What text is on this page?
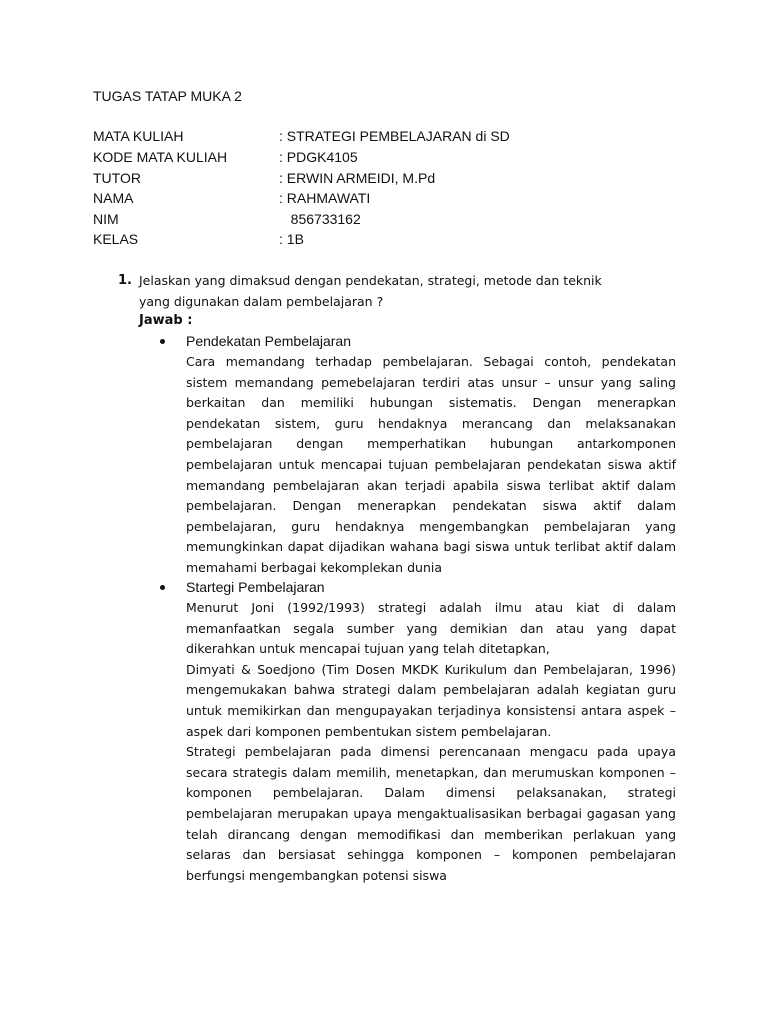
TUGAS TATAP MUKA 2
MATA KULIAH	: STRATEGI PEMBELAJARAN di SD
KODE MATA KULIAH	: PDGK4105
TUTOR	: ERWIN ARMEIDI, M.Pd
NAMA	: RAHMAWATI
NIM	856733162
KELAS	: 1B
1. Jelaskan yang dimaksud dengan pendekatan, strategi, metode dan teknik yang digunakan dalam pembelajaran ?
Jawab :
Pendekatan Pembelajaran

Cara memandang terhadap pembelajaran. Sebagai contoh, pendekatan sistem memandang pemebelajaran terdiri atas unsur – unsur yang saling berkaitan dan memiliki hubungan sistematis. Dengan menerapkan pendekatan sistem, guru hendaknya merancang dan melaksanakan pembelajaran dengan memperhatikan hubungan antarkomponen pembelajaran untuk mencapai tujuan pembelajaran pendekatan siswa aktif memandang pembelajaran akan terjadi apabila siswa terlibat aktif dalam pembelajaran. Dengan menerapkan pendekatan siswa aktif dalam pembelajaran, guru hendaknya mengembangkan pembelajaran yang memungkinkan dapat dijadikan wahana bagi siswa untuk terlibat aktif dalam memahami berbagai kekomplekan dunia

Startegi Pembelajaran

Menurut Joni (1992/1993) strategi adalah ilmu atau kiat di dalam memanfaatkan segala sumber yang demikian dan atau yang dapat dikerahkan untuk mencapai tujuan yang telah ditetapkan,

Dimyati & Soedjono (Tim Dosen MKDK Kurikulum dan Pembelajaran, 1996) mengemukakan bahwa strategi dalam pembelajaran adalah kegiatan guru untuk memikirkan dan mengupayakan terjadinya konsistensi antara aspek – aspek dari komponen pembentukan sistem pembelajaran.

Strategi pembelajaran pada dimensi perencanaan mengacu pada upaya secara strategis dalam memilih, menetapkan, dan merumuskan komponen – komponen pembelajaran. Dalam dimensi pelaksanakan, strategi pembelajaran merupakan upaya mengaktualisasikan berbagai gagasan yang telah dirancang dengan memodifikasi dan memberikan perlakuan yang selaras dan bersiasat sehingga komponen – komponen pembelajaran berfungsi mengembangkan potensi siswa
